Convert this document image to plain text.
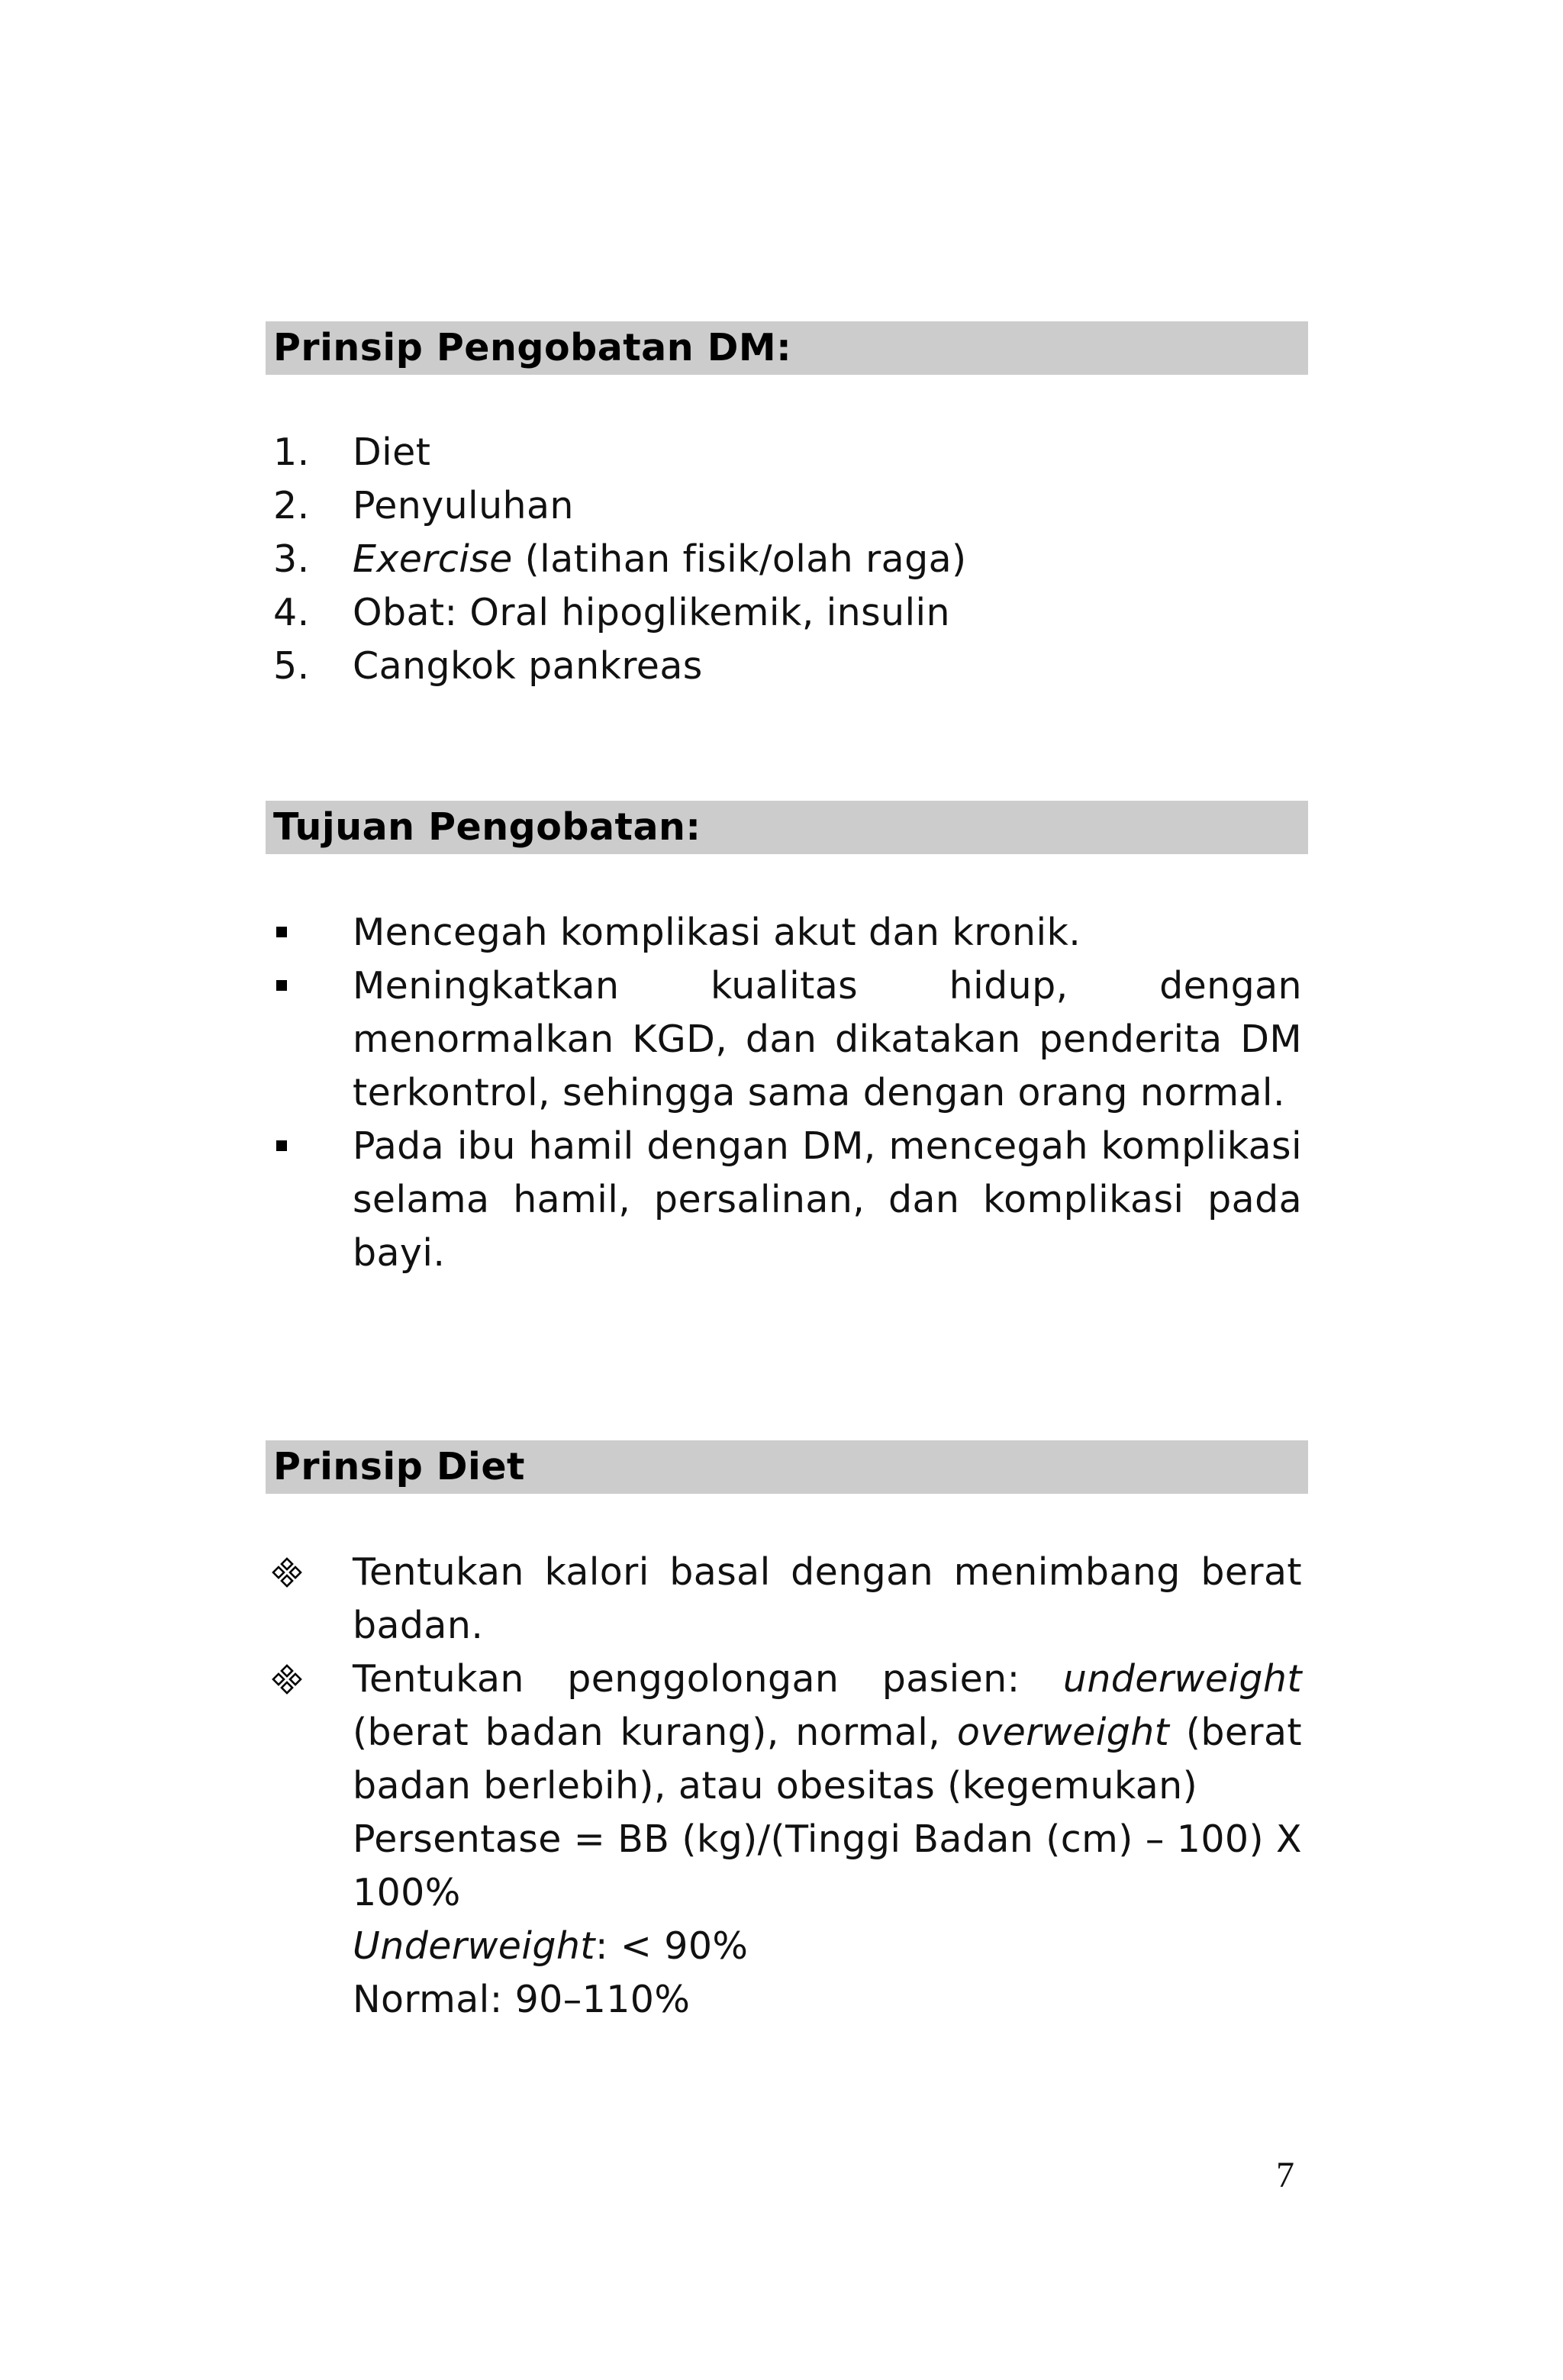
Prinsip Pengobatan DM:
1.	Diet
2.	Penyuluhan
3.	Exercise (latihan fisik/olah raga)
4.	Obat: Oral hipoglikemik, insulin
5.	Cangkok pankreas
Tujuan Pengobatan:
Mencegah komplikasi akut dan kronik.
Meningkatkan kualitas hidup, dengan menormalkan KGD, dan dikatakan penderita DM terkontrol, sehingga sama dengan orang normal.
Pada ibu hamil dengan DM, mencegah komplikasi selama hamil, persalinan, dan komplikasi pada bayi.
Prinsip Diet
Tentukan kalori basal dengan menimbang berat badan.
Tentukan penggolongan pasien: underweight (berat badan kurang), normal, overweight (berat badan berlebih), atau obesitas (kegemukan)
Persentase = BB (kg)/(Tinggi Badan (cm) – 100) X 100%
Underweight: < 90%
Normal: 90–110%
7
